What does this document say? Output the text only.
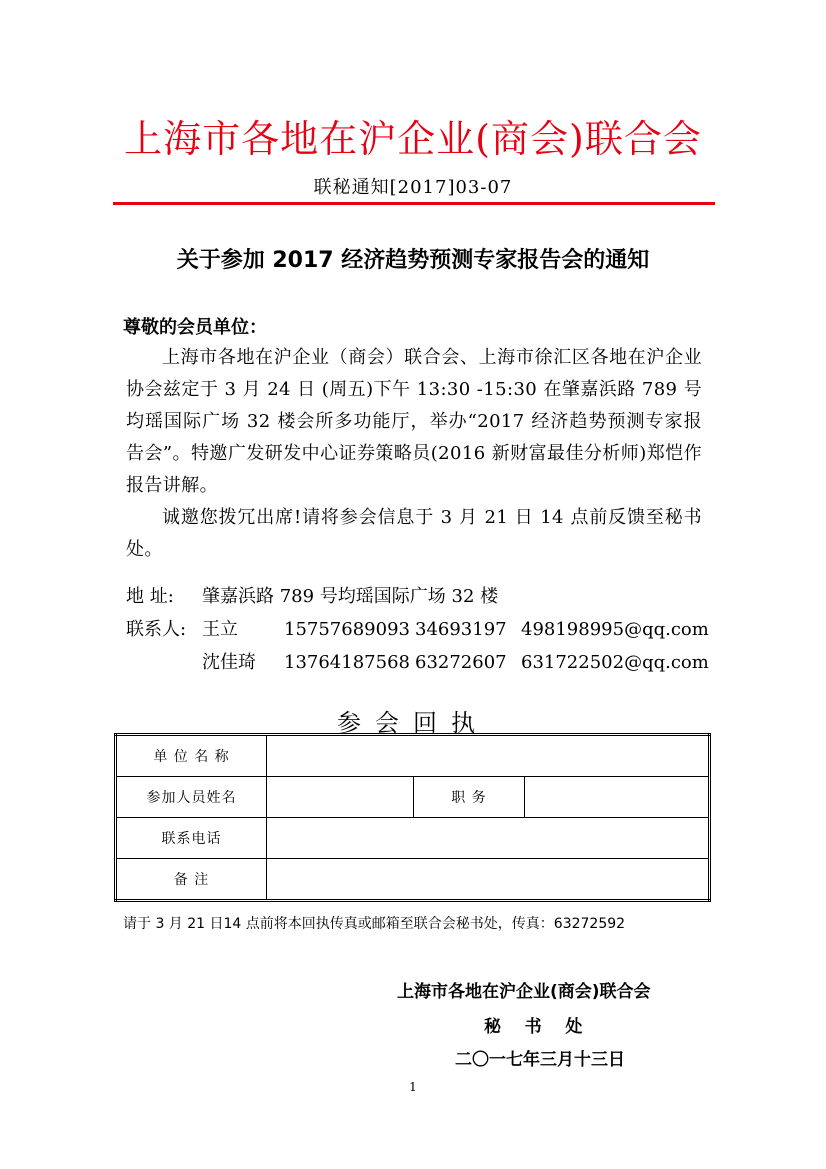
上海市各地在沪企业(商会)联合会
联秘通知[2017]03-07
关于参加 2017 经济趋势预测专家报告会的通知
尊敬的会员单位：

上海市各地在沪企业（商会）联合会、上海市徐汇区各地在沪企业协会兹定于 3 月 24 日 (周五)下午 13:30 -15:30 在肇嘉浜路 789 号均瑶国际广场 32 楼会所多功能厅，举办“2017 经济趋势预测专家报告会”。特邀广发研发中心证券策略员(2016 新财富最佳分析师)郑恺作报告讲解。

诚邀您拨冗出席!请将参会信息于 3 月 21 日 14 点前反馈至秘书处。

地 址: 肇嘉浜路 789 号均瑶国际广场 32 楼
联系人: 王立	15757689093 34693197 498198995@qq.com
沈佳琦 13764187568 63272607 631722502@qq.com
参会回执
单 位 名 称			
参加人员姓名		职 务	
联系电话			
备 注			
请于 3 月 21 日14 点前将本回执传真或邮箱至联合会秘书处，传真：63272592
上海市各地在沪企业(商会)联合会
秘    书    处
二〇一七年三月十三日
1
